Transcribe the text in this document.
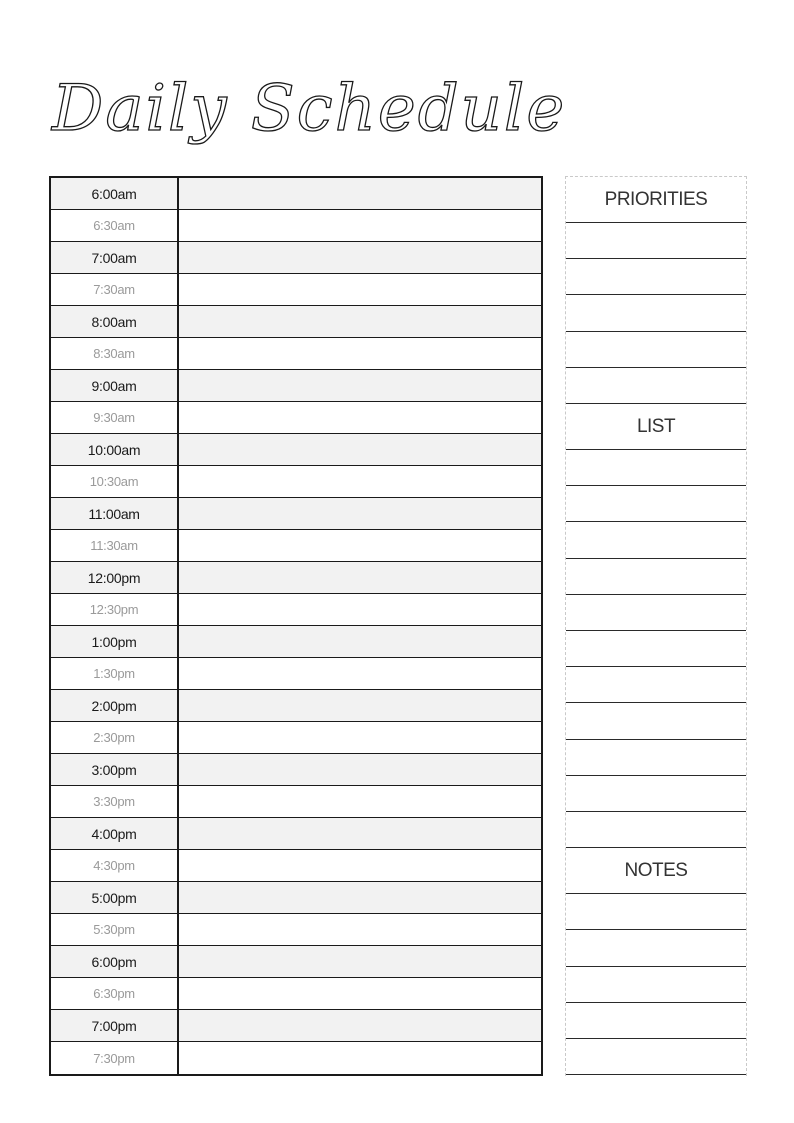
Daily Schedule
6:00am
6:30am
7:00am
7:30am
8:00am
8:30am
9:00am
9:30am
10:00am
10:30am
11:00am
11:30am
12:00pm
12:30pm
1:00pm
1:30pm
2:00pm
2:30pm
3:00pm
3:30pm
4:00pm
4:30pm
5:00pm
5:30pm
6:00pm
6:30pm
7:00pm
7:30pm
PRIORITIES
LIST
NOTES
